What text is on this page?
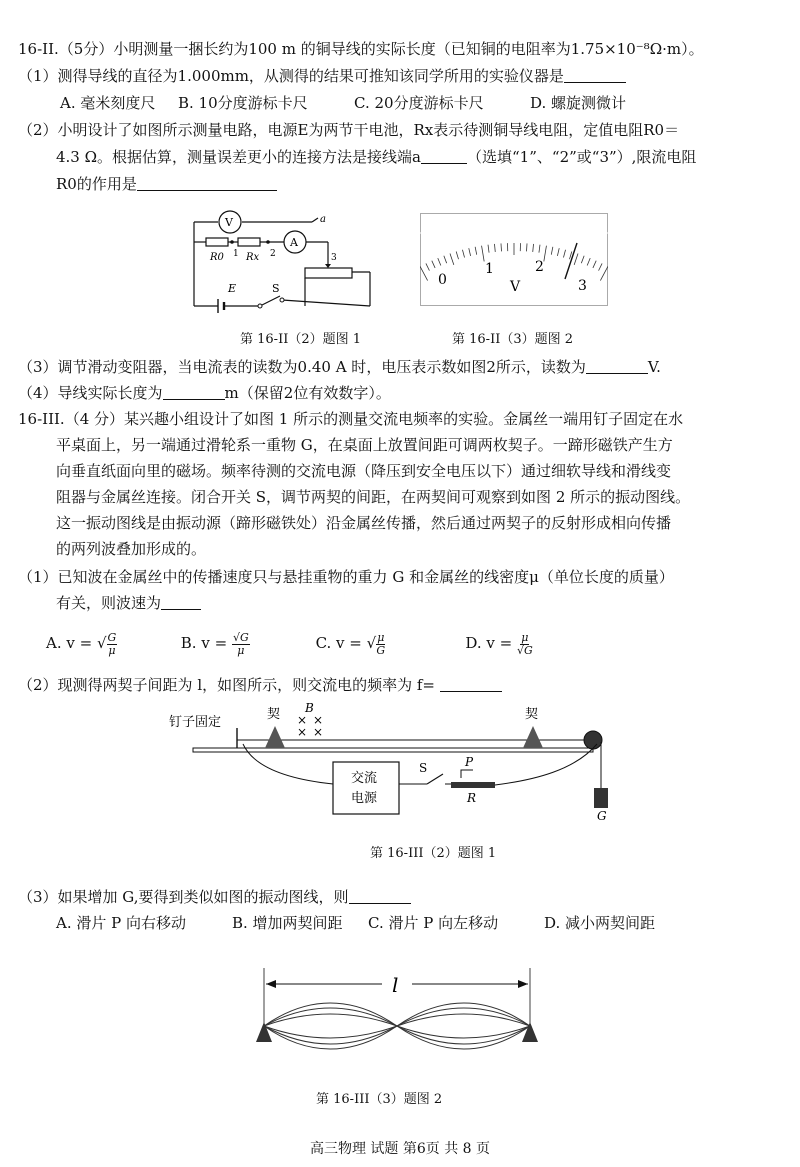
16-II.（5分）小明测量一捆长约为100 m 的铜导线的实际长度（已知铜的电阻率为1.75×10⁻⁸Ω·m）。
（1）测得导线的直径为1.000mm，从测得的结果可推知该同学所用的实验仪器是
A. 毫米刻度尺 B. 10分度游标卡尺	C. 20分度游标卡尺	D. 螺旋测微计
（2）小明设计了如图所示测量电路，电源E为两节干电池，Rx表示待测铜导线电阻，定值电阻R0＝
4.3 Ω。根据估算，测量误差更小的连接方法是接线端a	（选填“1”、“2”或“3”）,限流电阻
R0的作用是
V
A
R0 1 Rx 2	3
a
E	S
0
1	2
3
V
第 16-II（2）题图 1	第 16-II（3）题图 2
（3）调节滑动变阻器，当电流表的读数为0.40 A 时，电压表示数如图2所示，读数为	V.
（4）导线实际长度为	m（保留2位有效数字）。
16-III.（4 分）某兴趣小组设计了如图 1 所示的测量交流电频率的实验。金属丝一端用钉子固定在水
平桌面上，另一端通过滑轮系一重物 G，在桌面上放置间距可调两枚契子。一蹄形磁铁产生方
向垂直纸面向里的磁场。频率待测的交流电源（降压到安全电压以下）通过细软导线和滑线变
阻器与金属丝连接。闭合开关 S，调节两契的间距，在两契间可观察到如图 2 所示的振动图线。
这一振动图线是由振动源（蹄形磁铁处）沿金属丝传播，然后通过两契子的反射形成相向传播
的两列波叠加形成的。
（1）已知波在金属丝中的传播速度只与悬挂重物的重力 G 和金属丝的线密度μ（单位长度的质量）
有关，则波速为
A. v = √ $\frac{G}{\mu}$	B. $v = \frac{√G}{\mu}$	C. v = √ $\frac{\mu}{G}$	D. $v = \frac{\mu}{√G}$
（2）现测得两契子间距为 l，如图所示，则交流电的频率为 f=
钉子固定
契	契
B
× ×
× ×
G
交流
电源
S
R
P
第 16-III（2）题图 1
（3）如果增加 G,要得到类似如图的振动图线，则
A. 滑片 P 向右移动	B. 增加两契间距 C. 滑片 P 向左移动	D. 减小两契间距
l
第 16-III（3）题图 2
高三物理 试题 第6页 共 8 页
